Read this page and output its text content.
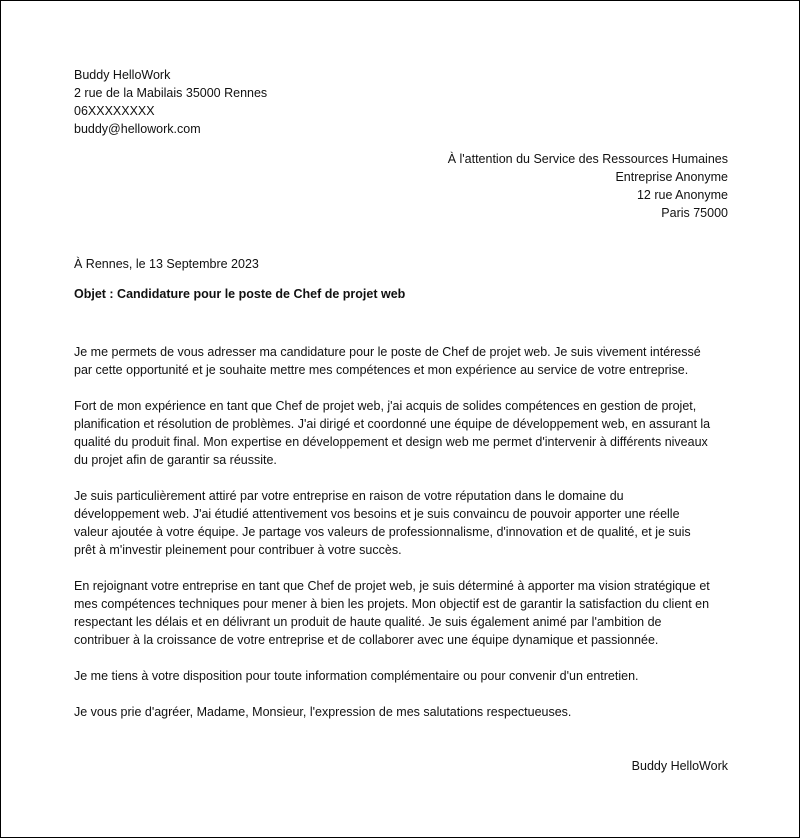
Buddy HelloWork
2 rue de la Mabilais 35000 Rennes
06XXXXXXXX
buddy@hellowork.com
À l'attention du Service des Ressources Humaines
Entreprise Anonyme
12 rue Anonyme
Paris 75000
À Rennes, le 13 Septembre 2023
Objet : Candidature pour le poste de Chef de projet web
Je me permets de vous adresser ma candidature pour le poste de Chef de projet web. Je suis vivement intéressé
par cette opportunité et je souhaite mettre mes compétences et mon expérience au service de votre entreprise.
Fort de mon expérience en tant que Chef de projet web, j'ai acquis de solides compétences en gestion de projet,
planification et résolution de problèmes. J'ai dirigé et coordonné une équipe de développement web, en assurant la
qualité du produit final. Mon expertise en développement et design web me permet d'intervenir à différents niveaux
du projet afin de garantir sa réussite.
Je suis particulièrement attiré par votre entreprise en raison de votre réputation dans le domaine du
développement web. J'ai étudié attentivement vos besoins et je suis convaincu de pouvoir apporter une réelle
valeur ajoutée à votre équipe. Je partage vos valeurs de professionnalisme, d'innovation et de qualité, et je suis
prêt à m'investir pleinement pour contribuer à votre succès.
En rejoignant votre entreprise en tant que Chef de projet web, je suis déterminé à apporter ma vision stratégique et
mes compétences techniques pour mener à bien les projets. Mon objectif est de garantir la satisfaction du client en
respectant les délais et en délivrant un produit de haute qualité. Je suis également animé par l'ambition de
contribuer à la croissance de votre entreprise et de collaborer avec une équipe dynamique et passionnée.
Je me tiens à votre disposition pour toute information complémentaire ou pour convenir d'un entretien.
Je vous prie d'agréer, Madame, Monsieur, l'expression de mes salutations respectueuses.
Buddy HelloWork
